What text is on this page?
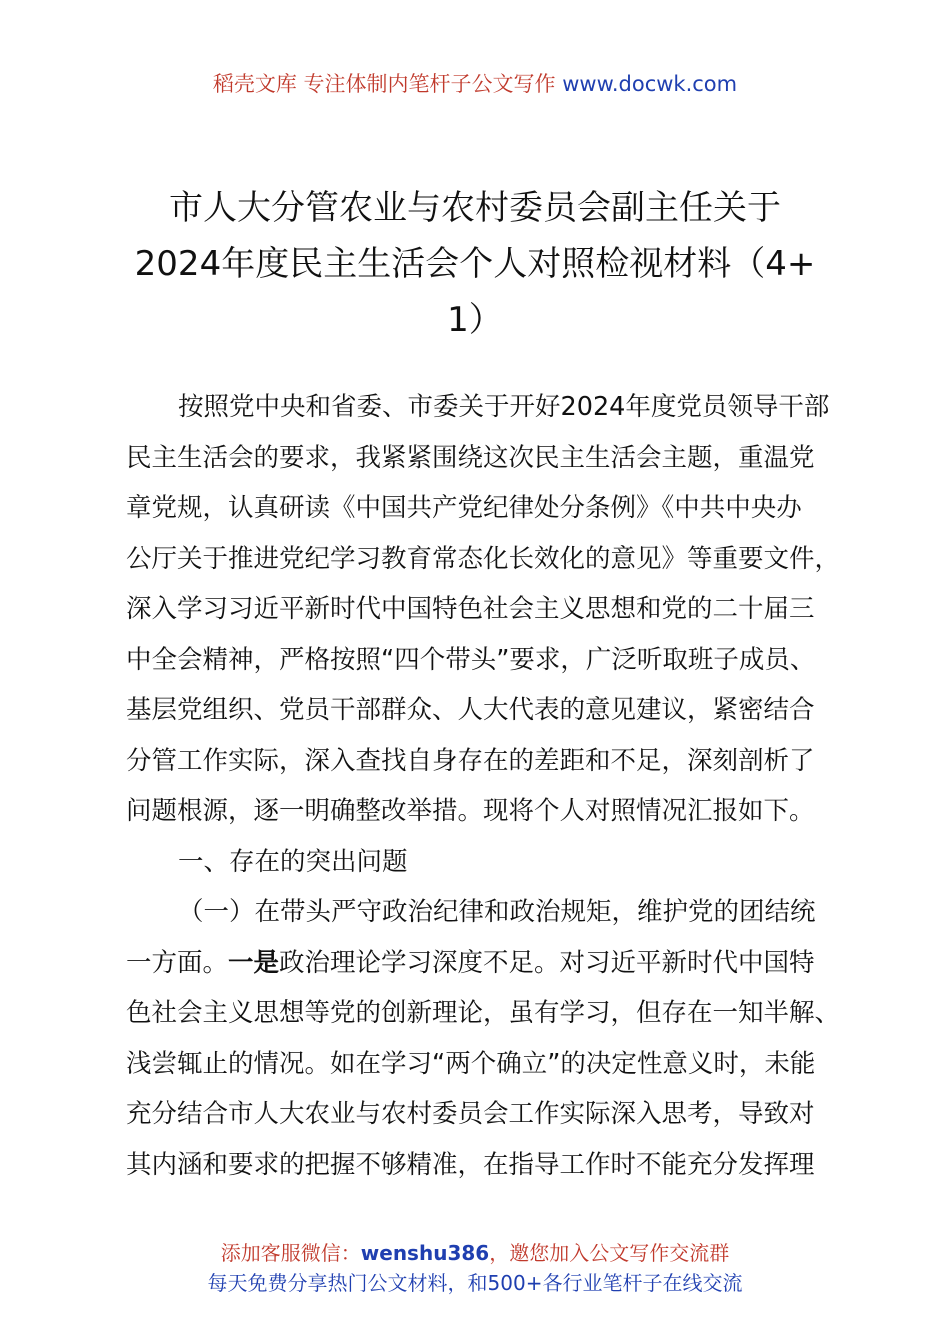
稻壳文库 专注体制内笔杆子公文写作 www.docwk.com
市人大分管农业与农村委员会副主任关于
2024年度民主生活会个人对照检视材料（4+
1）
按照党中央和省委、市委关于开好2024年度党员领导干部
民主生活会的要求，我紧紧围绕这次民主生活会主题，重温党
章党规，认真研读《中国共产党纪律处分条例》《中共中央办
公厅关于推进党纪学习教育常态化长效化的意见》等重要文件，
深入学习习近平新时代中国特色社会主义思想和党的二十届三
中全会精神，严格按照“四个带头”要求，广泛听取班子成员、
基层党组织、党员干部群众、人大代表的意见建议，紧密结合
分管工作实际，深入查找自身存在的差距和不足，深刻剖析了
问题根源，逐一明确整改举措。现将个人对照情况汇报如下。
一、存在的突出问题
（一）在带头严守政治纪律和政治规矩，维护党的团结统
一方面。一是政治理论学习深度不足。对习近平新时代中国特
色社会主义思想等党的创新理论，虽有学习，但存在一知半解、
浅尝辄止的情况。如在学习“两个确立”的决定性意义时，未能
充分结合市人大农业与农村委员会工作实际深入思考，导致对
其内涵和要求的把握不够精准，在指导工作时不能充分发挥理
添加客服微信：wenshu386，邀您加入公文写作交流群
每天免费分享热门公文材料，和500+各行业笔杆子在线交流
